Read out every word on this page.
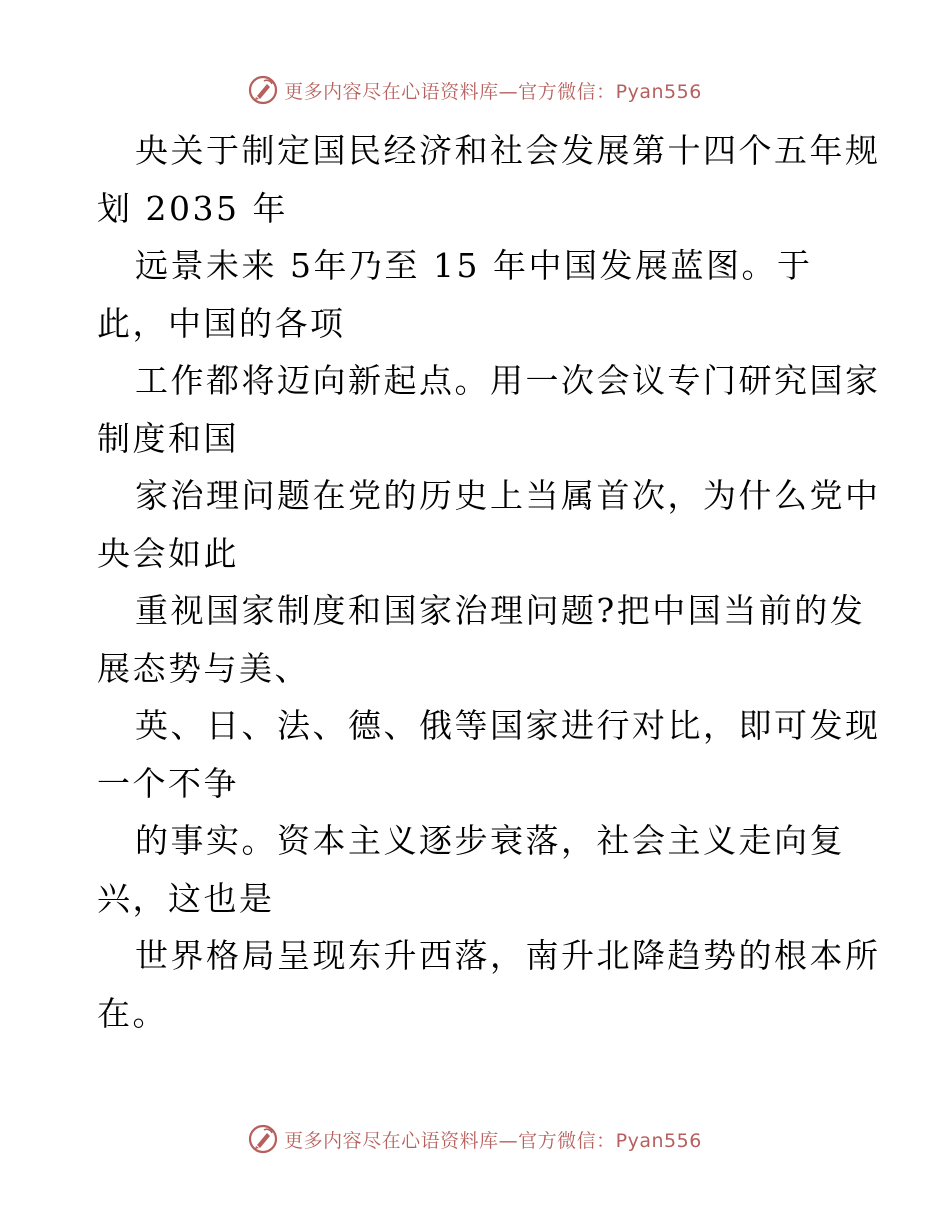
更多内容尽在心语资料库—官方微信：Pyan556
央关于制定国民经济和社会发展第十四个五年规
划 2035 年
远景未来 5年乃至 15 年中国发展蓝图。于
此，中国的各项
工作都将迈向新起点。用一次会议专门研究国家
制度和国
家治理问题在党的历史上当属首次，为什么党中
央会如此
重视国家制度和国家治理问题?把中国当前的发
展态势与美、
英、日、法、德、俄等国家进行对比，即可发现
一个不争
的事实。资本主义逐步衰落，社会主义走向复
兴，这也是
世界格局呈现东升西落，南升北降趋势的根本所
在。
更多内容尽在心语资料库—官方微信：Pyan556
